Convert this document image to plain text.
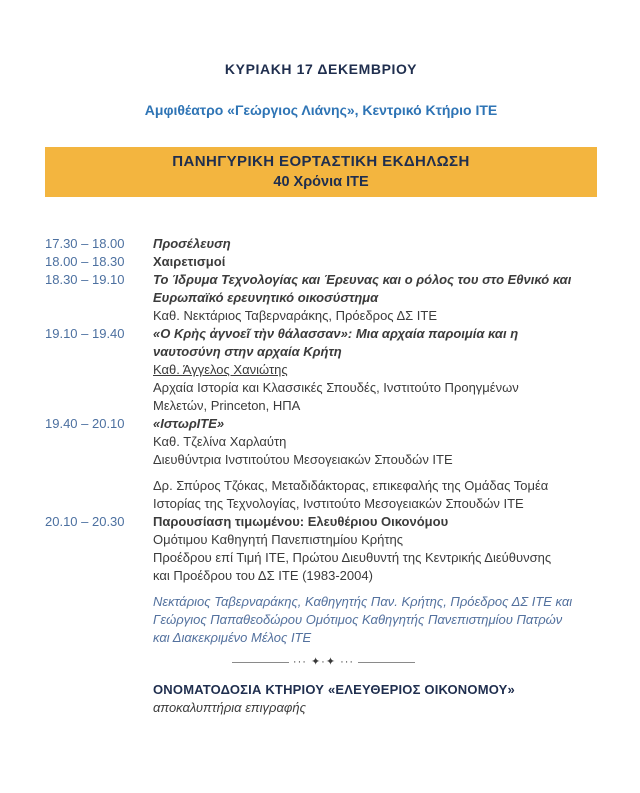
ΚΥΡΙΑΚΗ 17 ΔΕΚΕΜΒΡΙΟΥ
Αμφιθέατρο «Γεώργιος Λιάνης», Κεντρικό Κτήριο ΙΤΕ
ΠΑΝΗΓΥΡΙΚΗ ΕΟΡΤΑΣΤΙΚΗ ΕΚΔΗΛΩΣΗ
40 Χρόνια ΙΤΕ
17.30 – 18.00	Προσέλευση
18.00 – 18.30	Χαιρετισμοί
18.30 – 19.10	Το Ίδρυμα Τεχνολογίας και Έρευνας και ο ρόλος του στο Εθνικό και
Ευρωπαϊκό ερευνητικό οικοσύστημα
Καθ. Νεκτάριος Ταβερναράκης, Πρόεδρος ΔΣ ΙΤΕ
19.10 – 19.40	«Ο Κρὴς ἀγνοεῖ τὴν θάλασσαν»: Μια αρχαία παροιμία και η
ναυτοσύνη στην αρχαία Κρήτη
Καθ. Άγγελος Χανιώτης
Αρχαία Ιστορία και Κλασσικές Σπουδές, Ινστιτούτο Προηγμένων
Μελετών, Princeton, ΗΠΑ
19.40 – 20.10	«ΙστωρΙΤΕ»
Καθ. Τζελίνα Χαρλαύτη
Διευθύντρια Ινστιτούτου Μεσογειακών Σπουδών ΙΤΕ
Δρ. Σπύρος Τζόκας, Μεταδιδάκτορας, επικεφαλής της Ομάδας Τομέα
Ιστορίας της Τεχνολογίας, Ινστιτούτο Μεσογειακών Σπουδών ΙΤΕ
20.10 – 20.30	Παρουσίαση τιμωμένου: Ελευθέριου Οικονόμου
Ομότιμου Καθηγητή Πανεπιστημίου Κρήτης
Προέδρου επί Τιμή ΙΤΕ, Πρώτου Διευθυντή της Κεντρικής Διεύθυνσης
και Προέδρου του ΔΣ ΙΤΕ (1983-2004)
Νεκτάριος Ταβερναράκης, Καθηγητής Παν. Κρήτης, Πρόεδρος ΔΣ ΙΤΕ και
Γεώργιος Παπαθεοδώρου Ομότιμος Καθηγητής Πανεπιστημίου Πατρών
και Διακεκριμένο Μέλος ΙΤΕ
··· ✦·✦ ···
ΟΝΟΜΑΤΟΔΟΣΙΑ ΚΤΗΡΙΟΥ «ΕΛΕΥΘΕΡΙΟΣ ΟΙΚΟΝΟΜΟΥ»
αποκαλυπτήρια επιγραφής
